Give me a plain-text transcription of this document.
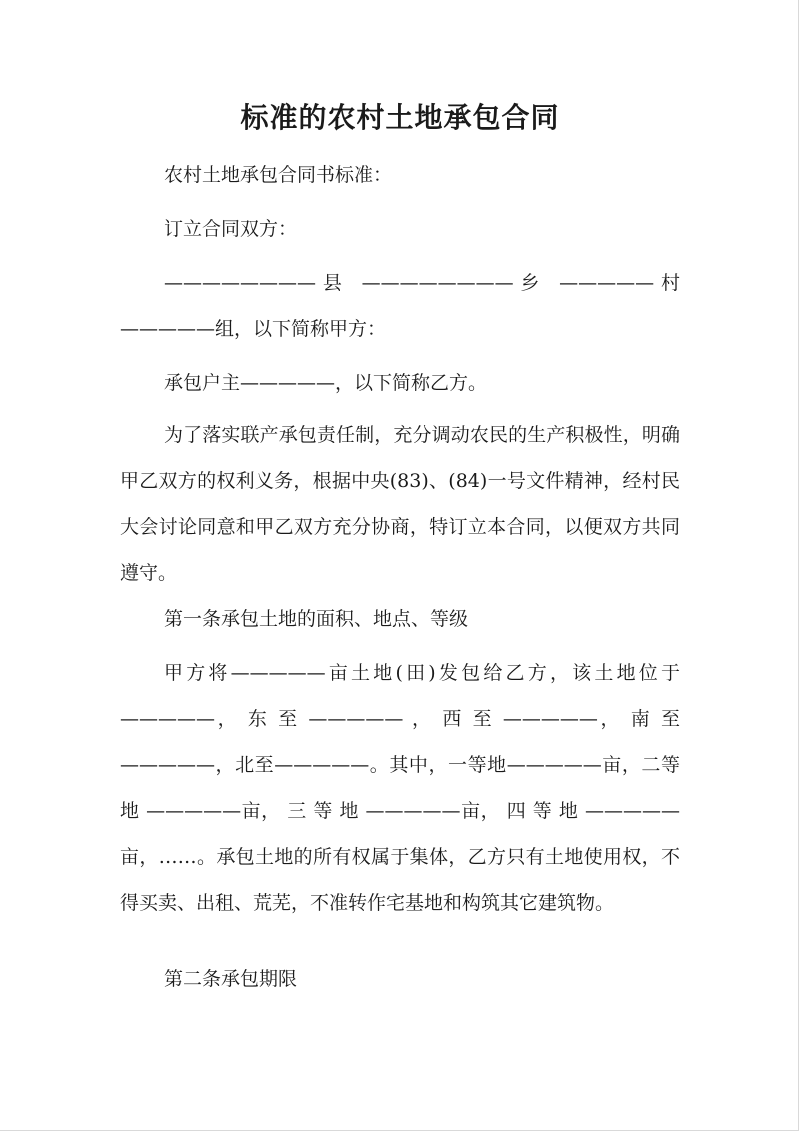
标准的农村土地承包合同
农村土地承包合同书标准：
订立合同双方：
————————县 ————————乡 —————村 —————组，以下简称甲方：
承包户主—————，以下简称乙方。
为了落实联产承包责任制，充分调动农民的生产积极性，明确甲乙双方的权利义务，根据中央(83)、(84)一号文件精神，经村民大会讨论同意和甲乙双方充分协商，特订立本合同，以便双方共同遵守。
第一条承包土地的面积、地点、等级
甲方将—————亩土地(田)发包给乙方，该土地位于—————， 东 至 ————— ， 西 至 —————， 南 至 —————，北至—————。其中，一等地—————亩，二等地 —————亩， 三 等 地 —————亩， 四 等 地 —————亩，……。承包土地的所有权属于集体，乙方只有土地使用权，不得买卖、出租、荒芜，不准转作宅基地和构筑其它建筑物。
第二条承包期限
